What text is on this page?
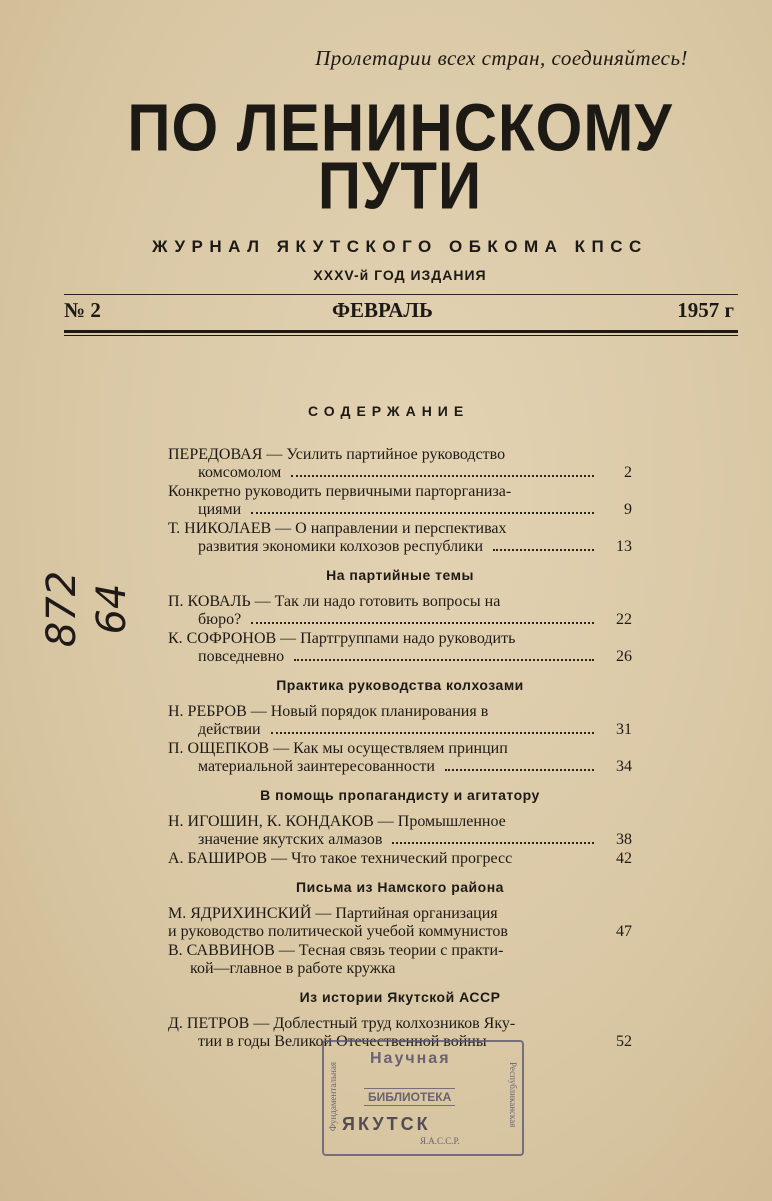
Пролетарии всех стран, соединяйтесь!
ПО ЛЕНИНСКОМУ
ПУТИ
ЖУРНАЛ ЯКУТСКОГО ОБКОМА КПСС
XXXV-й ГОД ИЗДАНИЯ
№ 2	ФЕВРАЛЬ	1957 г
СОДЕРЖАНИЕ
ПЕРЕДОВАЯ — Усилить партийное руководство
комсомолом	2
Конкретно руководить первичными парторганиза-
циями	9
Т. НИКОЛАЕВ — О направлении и перспективах
развития экономики колхозов республики	13
На партийные темы
П. КОВАЛЬ — Так ли надо готовить вопросы на
бюро?	22
К. СОФРОНОВ — Партгруппами надо руководить
повседневно	26
Практика руководства колхозами
Н. РЕБРОВ — Новый порядок планирования в
действии	31
П. ОЩЕПКОВ — Как мы осуществляем принцип
материальной заинтересованности	34
В помощь пропагандисту и агитатору
Н. ИГОШИН, К. КОНДАКОВ — Промышленное
значение якутских алмазов	38
А. БАШИРОВ — Что такое технический прогресс	42
Письма из Намского района
М. ЯДРИХИНСКИЙ — Партийная организация
и руководство политической учебой коммунистов	47
В. САВВИНОВ — Тесная связь теории с практи-
кой—главное в работе кружка
Из истории Якутской АССР
Д. ПЕТРОВ — Доблестный труд колхозников Яку-
тии в годы Великой Отечественной войны	52
872 64
Научная
БИБЛИОТЕКА
ЯКУТСК
Я.А.С.С.Р.
Фундаментальная	Республиканская
